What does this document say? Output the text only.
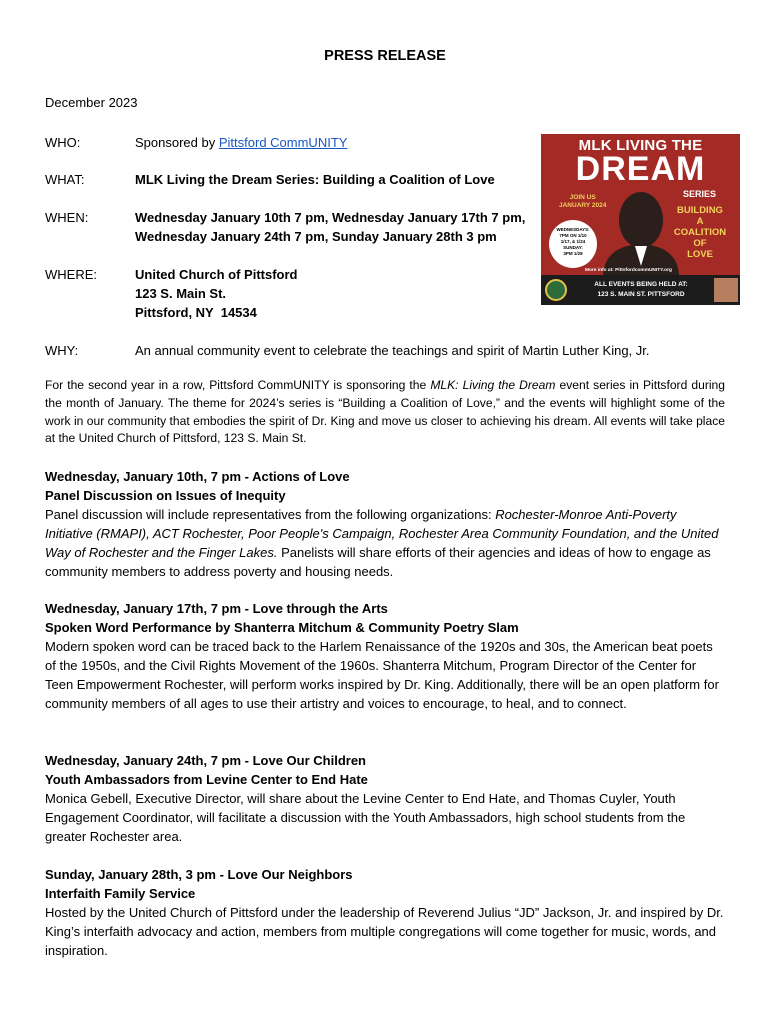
PRESS RELEASE
December 2023
WHO:	Sponsored by Pittsford CommUNITY
WHAT:	MLK Living the Dream Series: Building a Coalition of Love
WHEN:	Wednesday January 10th 7 pm, Wednesday January 17th 7 pm,
Wednesday January 24th 7 pm, Sunday January 28th 3 pm
WHERE:	United Church of Pittsford
123 S. Main St.
Pittsford, NY  14534
WHY:	An annual community event to celebrate the teachings and spirit of Martin Luther King, Jr.
For the second year in a row, Pittsford CommUNITY is sponsoring the MLK: Living the Dream event series in Pittsford during the month of January. The theme for 2024’s series is “Building a Coalition of Love,” and the events will highlight some of the work in our community that embodies the spirit of Dr. King and move us closer to achieving his dream. All events will take place at the United Church of Pittsford, 123 S. Main St.

Wednesday, January 10th, 7 pm - Actions of Love

Panel Discussion on Issues of Inequity

Panel discussion will include representatives from the following organizations: Rochester-Monroe Anti-Poverty Initiative (RMAPI), ACT Rochester, Poor People's Campaign, Rochester Area Community Foundation, and the United Way of Rochester and the Finger Lakes. Panelists will share efforts of their agencies and ideas of how to engage as community members to address poverty and housing needs.

Wednesday, January 17th, 7 pm - Love through the Arts

Spoken Word Performance by Shanterra Mitchum & Community Poetry Slam

Modern spoken word can be traced back to the Harlem Renaissance of the 1920s and 30s, the American beat poets of the 1950s, and the Civil Rights Movement of the 1960s. Shanterra Mitchum, Program Director of the Center for Teen Empowerment Rochester, will perform works inspired by Dr. King. Additionally, there will be an open platform for community members of all ages to use their artistry and voices to encourage, to heal, and to connect.

Wednesday, January 24th, 7 pm - Love Our Children

Youth Ambassadors from Levine Center to End Hate

Monica Gebell, Executive Director, will share about the Levine Center to End Hate, and Thomas Cuyler, Youth Engagement Coordinator, will facilitate a discussion with the Youth Ambassadors, high school students from the greater Rochester area.

Sunday, January 28th, 3 pm - Love Our Neighbors

Interfaith Family Service

Hosted by the United Church of Pittsford under the leadership of Reverend Julius “JD” Jackson, Jr. and inspired by Dr. King’s interfaith advocacy and action, members from multiple congregations will come together for music, words, and inspiration.

MLK LIVING THE
DREAM
SERIES
JOIN US
JANUARY 2024	BUILDING
A
COALITION
OF
LOVE
WEDNESDAYS:
7PM ON 1/10
1/17, & 1/24
SUNDAY:
3PM 1/28
More info at: PittsfordcommUNITY.org
ALL EVENTS BEING HELD AT:
123 S. MAIN ST. PITTSFORD
